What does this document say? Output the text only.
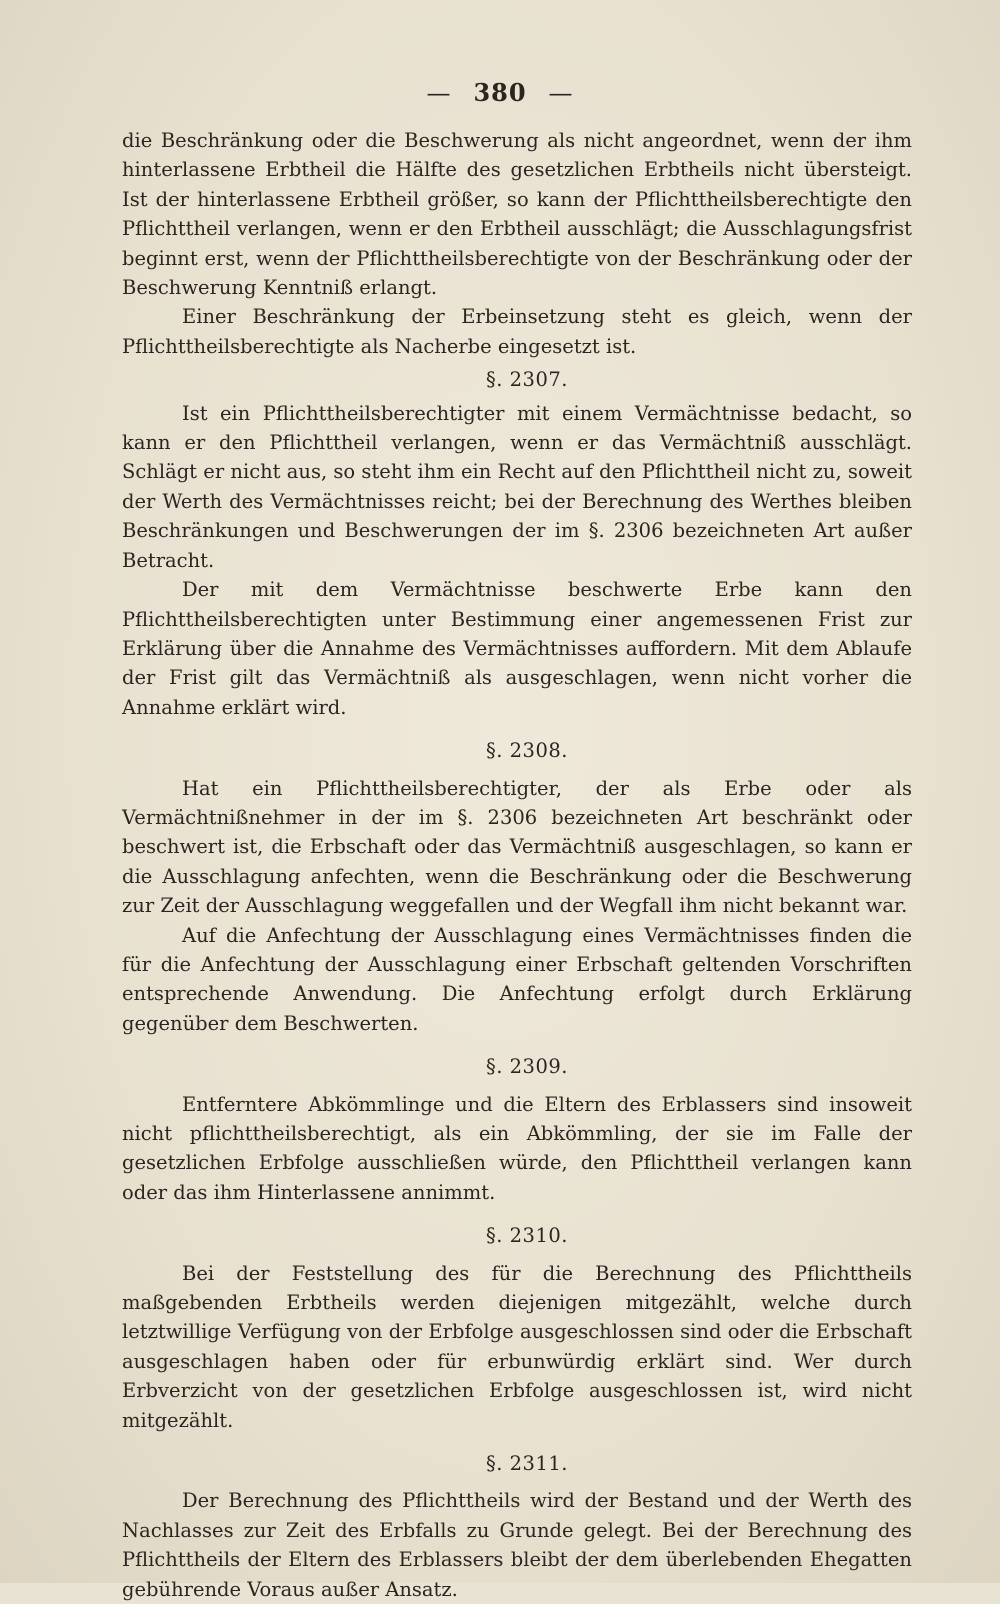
— 380 —

die Beschränkung oder die Beschwerung als nicht angeordnet, wenn der ihm hinterlassene Erbtheil die Hälfte des gesetzlichen Erbtheils nicht übersteigt. Ist der hinterlassene Erbtheil größer, so kann der Pflichttheilsberechtigte den Pflichttheil verlangen, wenn er den Erbtheil ausschlägt; die Ausschlagungsfrist beginnt erst, wenn der Pflichttheilsberechtigte von der Beschränkung oder der Beschwerung Kenntniß erlangt.

Einer Beschränkung der Erbeinsetzung steht es gleich, wenn der Pflichttheilsberechtigte als Nacherbe eingesetzt ist.

§. 2307.

Ist ein Pflichttheilsberechtigter mit einem Vermächtnisse bedacht, so kann er den Pflichttheil verlangen, wenn er das Vermächtniß ausschlägt. Schlägt er nicht aus, so steht ihm ein Recht auf den Pflichttheil nicht zu, soweit der Werth des Vermächtnisses reicht; bei der Berechnung des Werthes bleiben Beschränkungen und Beschwerungen der im §. 2306 bezeichneten Art außer Betracht.

Der mit dem Vermächtnisse beschwerte Erbe kann den Pflichttheilsberechtigten unter Bestimmung einer angemessenen Frist zur Erklärung über die Annahme des Vermächtnisses auffordern. Mit dem Ablaufe der Frist gilt das Vermächtniß als ausgeschlagen, wenn nicht vorher die Annahme erklärt wird.

§. 2308.

Hat ein Pflichttheilsberechtigter, der als Erbe oder als Vermächtnißnehmer in der im §. 2306 bezeichneten Art beschränkt oder beschwert ist, die Erbschaft oder das Vermächtniß ausgeschlagen, so kann er die Ausschlagung anfechten, wenn die Beschränkung oder die Beschwerung zur Zeit der Ausschlagung weggefallen und der Wegfall ihm nicht bekannt war.

Auf die Anfechtung der Ausschlagung eines Vermächtnisses finden die für die Anfechtung der Ausschlagung einer Erbschaft geltenden Vorschriften entsprechende Anwendung. Die Anfechtung erfolgt durch Erklärung gegenüber dem Beschwerten.

§. 2309.

Entferntere Abkömmlinge und die Eltern des Erblassers sind insoweit nicht pflichttheilsberechtigt, als ein Abkömmling, der sie im Falle der gesetzlichen Erbfolge ausschließen würde, den Pflichttheil verlangen kann oder das ihm Hinterlassene annimmt.

§. 2310.

Bei der Feststellung des für die Berechnung des Pflichttheils maßgebenden Erbtheils werden diejenigen mitgezählt, welche durch letztwillige Verfügung von der Erbfolge ausgeschlossen sind oder die Erbschaft ausgeschlagen haben oder für erbunwürdig erklärt sind. Wer durch Erbverzicht von der gesetzlichen Erbfolge ausgeschlossen ist, wird nicht mitgezählt.

§. 2311.

Der Berechnung des Pflichttheils wird der Bestand und der Werth des Nachlasses zur Zeit des Erbfalls zu Grunde gelegt. Bei der Berechnung des Pflichttheils der Eltern des Erblassers bleibt der dem überlebenden Ehegatten gebührende Voraus außer Ansatz.
